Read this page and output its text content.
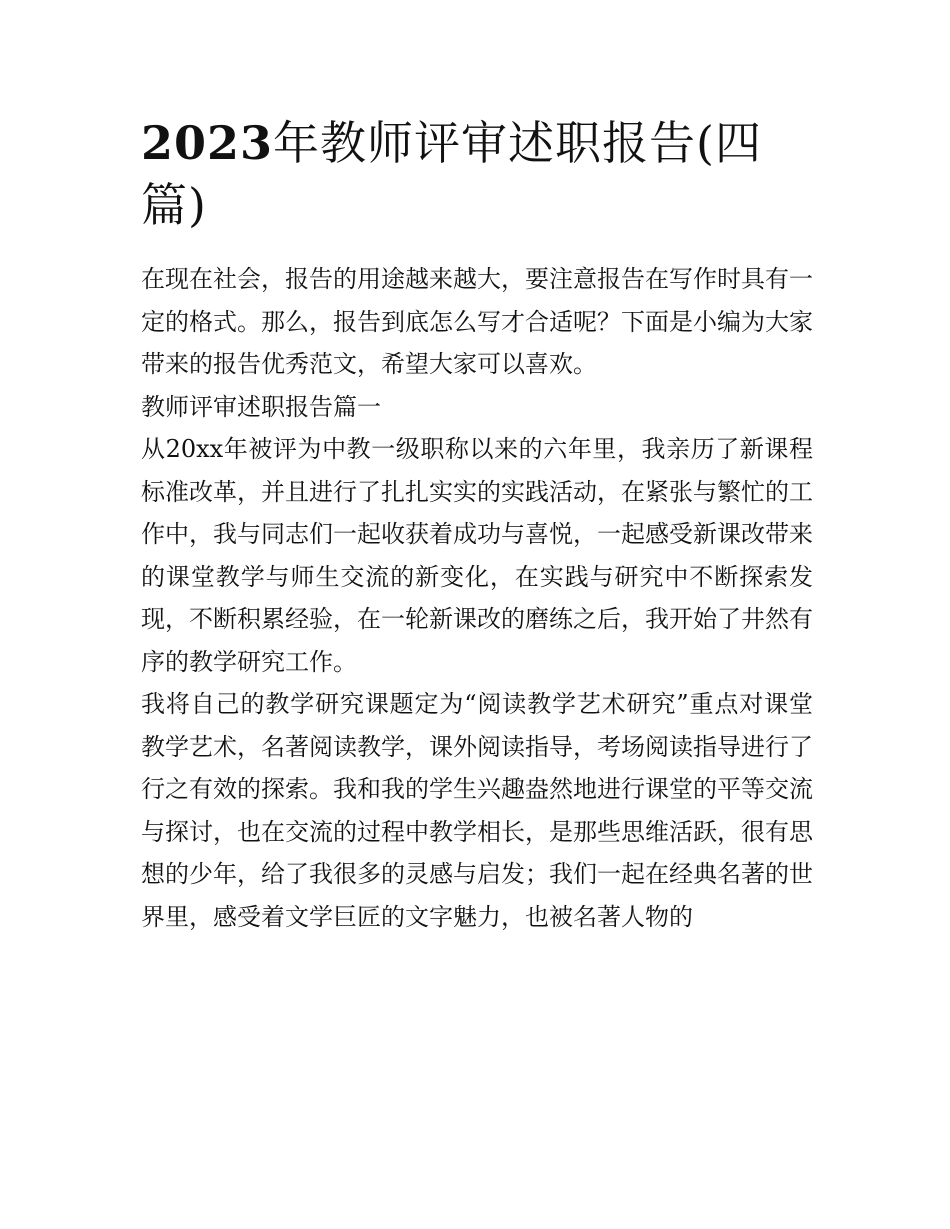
2023年教师评审述职报告(四篇)

在现在社会，报告的用途越来越大，要注意报告在写作时具有一定的格式。那么，报告到底怎么写才合适呢？下面是小编为大家带来的报告优秀范文，希望大家可以喜欢。

教师评审述职报告篇一

从20xx年被评为中教一级职称以来的六年里，我亲历了新课程标准改革，并且进行了扎扎实实的实践活动，在紧张与繁忙的工作中，我与同志们一起收获着成功与喜悦，一起感受新课改带来的课堂教学与师生交流的新变化，在实践与研究中不断探索发现，不断积累经验，在一轮新课改的磨练之后，我开始了井然有序的教学研究工作。

我将自己的教学研究课题定为“阅读教学艺术研究”重点对课堂教学艺术，名著阅读教学，课外阅读指导，考场阅读指导进行了行之有效的探索。我和我的学生兴趣盎然地进行课堂的平等交流与探讨，也在交流的过程中教学相长，是那些思维活跃，很有思想的少年，给了我很多的灵感与启发；我们一起在经典名著的世界里，感受着文学巨匠的文字魅力，也被名著人物的
